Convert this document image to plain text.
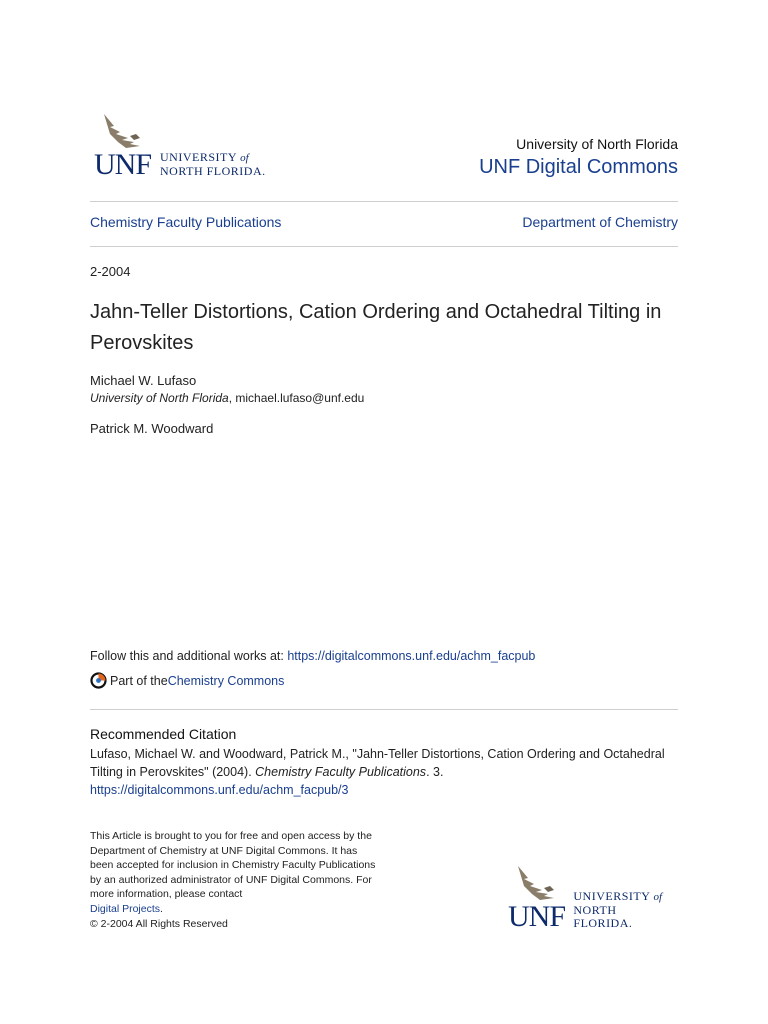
UNF UNIVERSITY of
NORTH FLORIDA.
University of North Florida
UNF Digital Commons
Chemistry Faculty Publications	Department of Chemistry
2-2004
Jahn-Teller Distortions, Cation Ordering and Octahedral Tilting in Perovskites
Michael W. Lufaso
University of North Florida, michael.lufaso@unf.edu
Patrick M. Woodward
Follow this and additional works at: https://digitalcommons.unf.edu/achm_facpub
Part of the Chemistry Commons
Recommended Citation
Lufaso, Michael W. and Woodward, Patrick M., "Jahn-Teller Distortions, Cation Ordering and Octahedral Tilting in Perovskites" (2004). Chemistry Faculty Publications. 3.
https://digitalcommons.unf.edu/achm_facpub/3
This Article is brought to you for free and open access by the Department of Chemistry at UNF Digital Commons. It has been accepted for inclusion in Chemistry Faculty Publications by an authorized administrator of UNF Digital Commons. For more information, please contact
Digital Projects.
© 2-2004 All Rights Reserved	UNF
UNIVERSITY of
NORTH FLORIDA.
